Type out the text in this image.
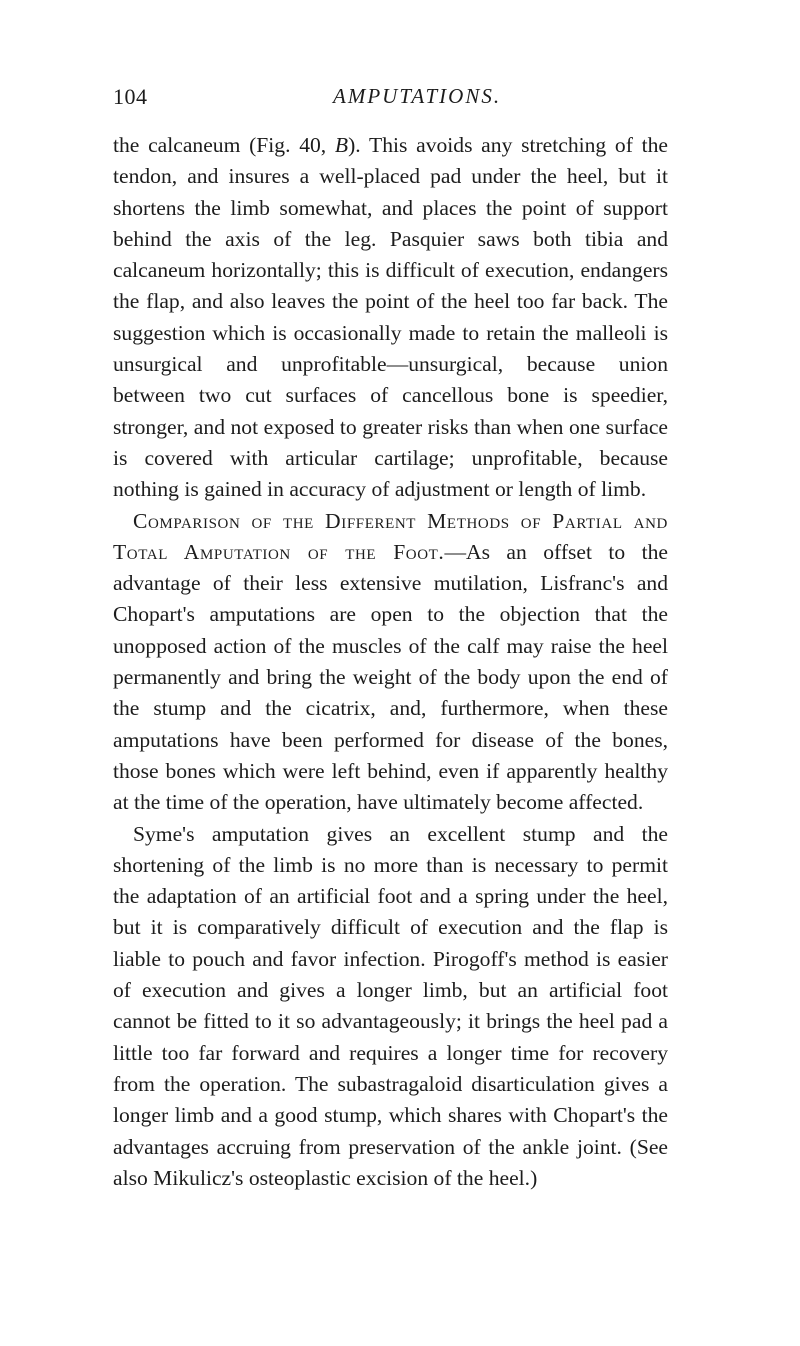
104	AMPUTATIONS.

the calcaneum (Fig. 40, B). This avoids any stretching of the tendon, and insures a well-placed pad under the heel, but it shortens the limb somewhat, and places the point of support behind the axis of the leg. Pasquier saws both tibia and calcaneum horizontally; this is difficult of execution, endangers the flap, and also leaves the point of the heel too far back. The suggestion which is occasionally made to retain the malleoli is unsurgical and unprofitable—unsurgical, because union between two cut surfaces of cancellous bone is speedier, stronger, and not exposed to greater risks than when one surface is covered with articular cartilage; unprofitable, because nothing is gained in accuracy of adjustment or length of limb.

Comparison of the Different Methods of Partial and Total Amputation of the Foot.—As an offset to the advantage of their less extensive mutilation, Lisfranc's and Chopart's amputations are open to the objection that the unopposed action of the muscles of the calf may raise the heel permanently and bring the weight of the body upon the end of the stump and the cicatrix, and, furthermore, when these amputations have been performed for disease of the bones, those bones which were left behind, even if apparently healthy at the time of the operation, have ultimately become affected.

Syme's amputation gives an excellent stump and the shortening of the limb is no more than is necessary to permit the adaptation of an artificial foot and a spring under the heel, but it is comparatively difficult of execution and the flap is liable to pouch and favor infection. Pirogoff's method is easier of execution and gives a longer limb, but an artificial foot cannot be fitted to it so advantageously; it brings the heel pad a little too far forward and requires a longer time for recovery from the operation. The subastragaloid disarticulation gives a longer limb and a good stump, which shares with Chopart's the advantages accruing from preservation of the ankle joint. (See also Mikulicz's osteoplastic excision of the heel.)
